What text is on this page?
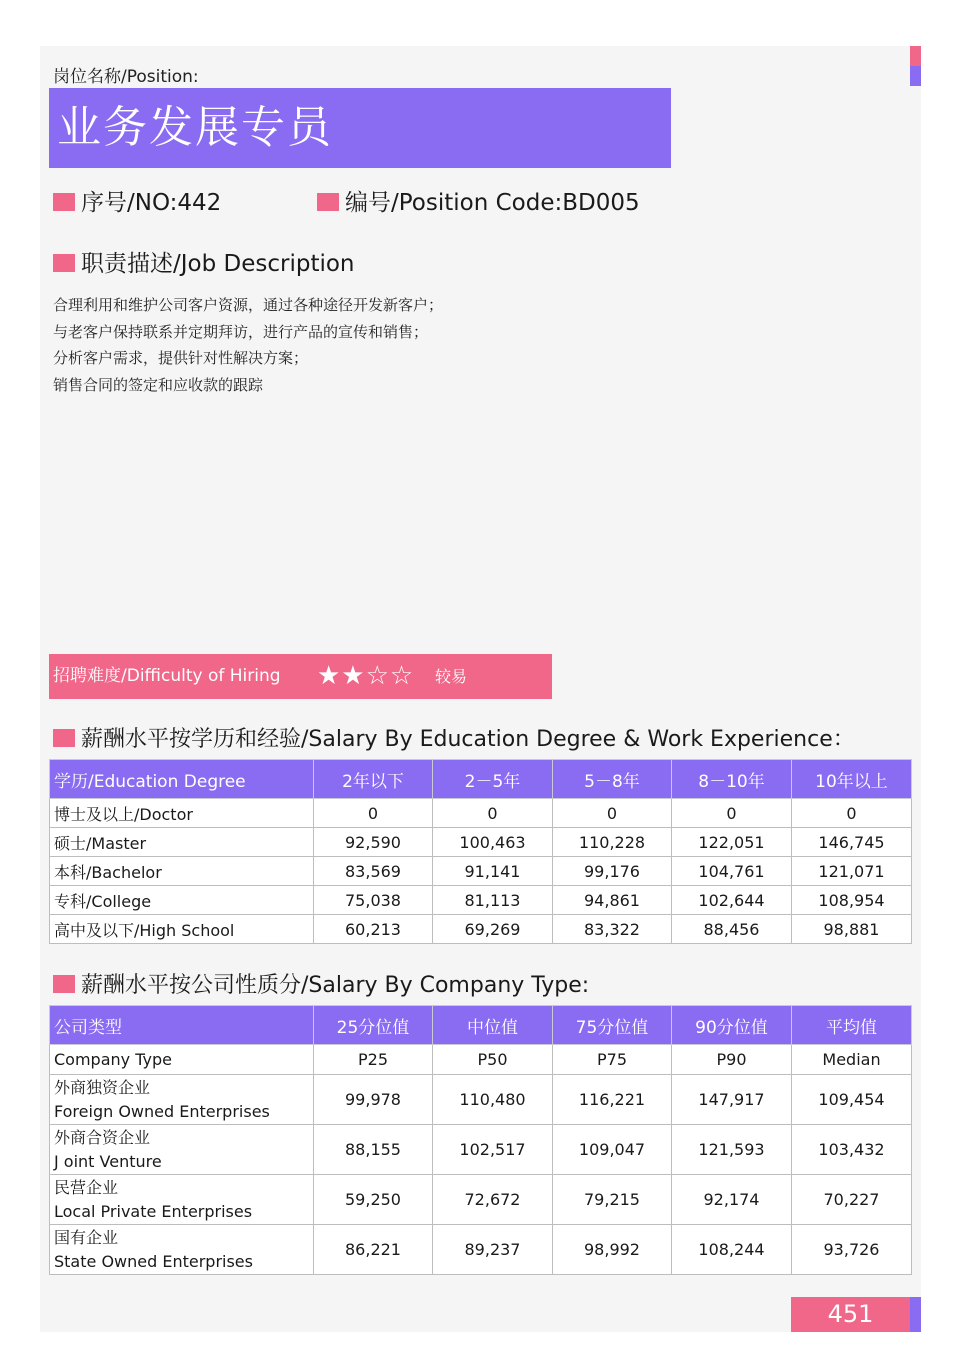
岗位名称/Position:
业务发展专员
序号/NO:442	编号/Position Code:BD005
职责描述/Job Description
合理利用和维护公司客户资源，通过各种途径开发新客户；
与老客户保持联系并定期拜访，进行产品的宣传和销售；
分析客户需求，提供针对性解决方案；
销售合同的签定和应收款的跟踪
招聘难度/Difficulty of Hiring ★★☆☆ 较易
薪酬水平按学历和经验/Salary By Education Degree & Work Experience：
学历/Education Degree	2年以下	2－5年	5－8年	8－10年	10年以上
博士及以上/Doctor	0	0	0	0	0
硕士/Master	92,590	100,463	110,228	122,051	146,745
本科/Bachelor	83,569	91,141	99,176	104,761	121,071
专科/College	75,038	81,113	94,861	102,644	108,954
高中及以下/High School	60,213	69,269	83,322	88,456	98,881
薪酬水平按公司性质分/Salary By Company Type:
公司类型	25分位值	中位值	75分位值	90分位值	平均值
Company Type	P25	P50	P75	P90	Median

外商独资企业
Foreign Owned Enterprises	99,978	110,480	116,221	147,917	109,454

外商合资企业
J oint Venture	88,155	102,517	109,047	121,593	103,432

民营企业
Local Private Enterprises	59,250	72,672	79,215	92,174	70,227

国有企业
State Owned Enterprises	86,221	89,237	98,992	108,244	93,726
451
